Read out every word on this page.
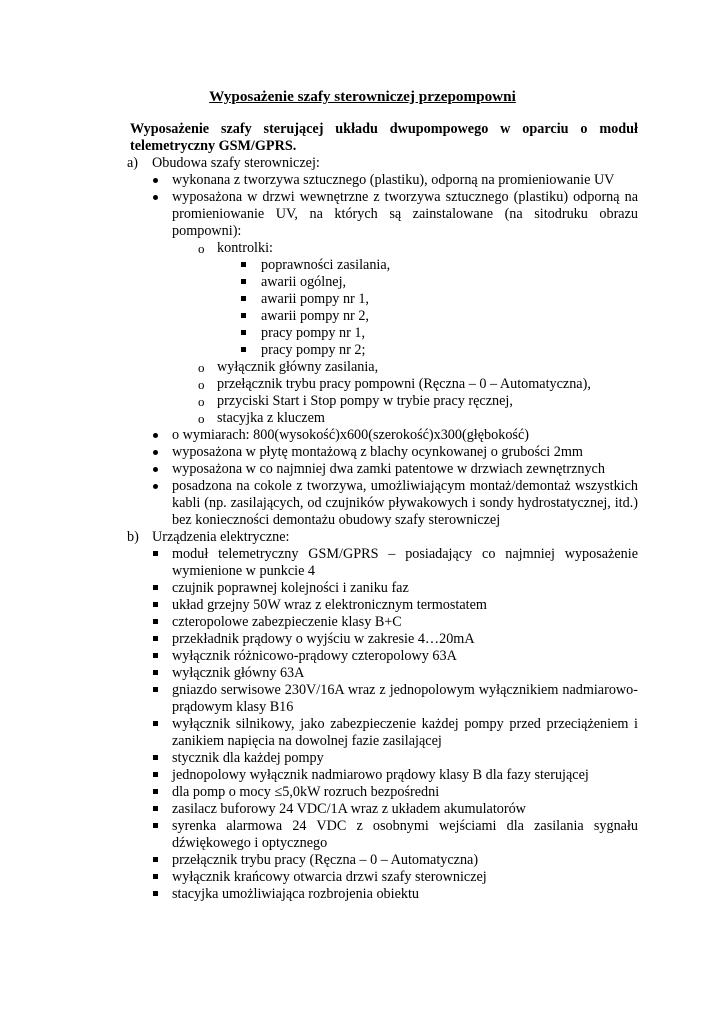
Wyposażenie szafy sterowniczej przepompowni

Wyposażenie szafy sterującej układu dwupompowego w oparciu o moduł telemetryczny GSM/GPRS.

a) Obudowa szafy sterowniczej:
wykonana z tworzywa sztucznego (plastiku), odporną na promieniowanie UV
wyposażona w drzwi wewnętrzne z tworzywa sztucznego (plastiku) odporną na promieniowanie UV, na których są zainstalowane (na sitodruku obrazu pompowni):
o kontrolki:
poprawności zasilania,
awarii ogólnej,
awarii pompy nr 1,
awarii pompy nr 2,
pracy pompy nr 1,
pracy pompy nr 2;
o wyłącznik główny zasilania,
o przełącznik trybu pracy pompowni (Ręczna – 0 – Automatyczna),
o przyciski Start i Stop pompy w trybie pracy ręcznej,
o stacyjka z kluczem
o wymiarach: 800(wysokość)x600(szerokość)x300(głębokość)
wyposażona w płytę montażową z blachy ocynkowanej o grubości 2mm
wyposażona w co najmniej dwa zamki patentowe w drzwiach zewnętrznych
posadzona na cokole z tworzywa, umożliwiającym montaż/demontaż wszystkich kabli (np. zasilających, od czujników pływakowych i sondy hydrostatycznej, itd.) bez konieczności demontażu obudowy szafy sterowniczej
b) Urządzenia elektryczne:
moduł telemetryczny GSM/GPRS – posiadający co najmniej wyposażenie wymienione w punkcie 4
czujnik poprawnej kolejności i zaniku faz
układ grzejny 50W wraz z elektronicznym termostatem
czteropolowe zabezpieczenie klasy B+C
przekładnik prądowy o wyjściu w zakresie 4…20mA
wyłącznik różnicowo-prądowy czteropolowy 63A
wyłącznik główny 63A
gniazdo serwisowe 230V/16A wraz z jednopolowym wyłącznikiem nadmiarowo-prądowym klasy B16
wyłącznik silnikowy, jako zabezpieczenie każdej pompy przed przeciążeniem i zanikiem napięcia na dowolnej fazie zasilającej
stycznik dla każdej pompy
jednopolowy wyłącznik nadmiarowo prądowy klasy B dla fazy sterującej
dla pomp o mocy ≤5,0kW rozruch bezpośredni
zasilacz buforowy 24 VDC/1A wraz z układem akumulatorów
syrenka alarmowa 24 VDC z osobnymi wejściami dla zasilania sygnału dźwiękowego i optycznego
przełącznik trybu pracy (Ręczna – 0 – Automatyczna)
wyłącznik krańcowy otwarcia drzwi szafy sterowniczej
stacyjka umożliwiająca rozbrojenia obiektu
